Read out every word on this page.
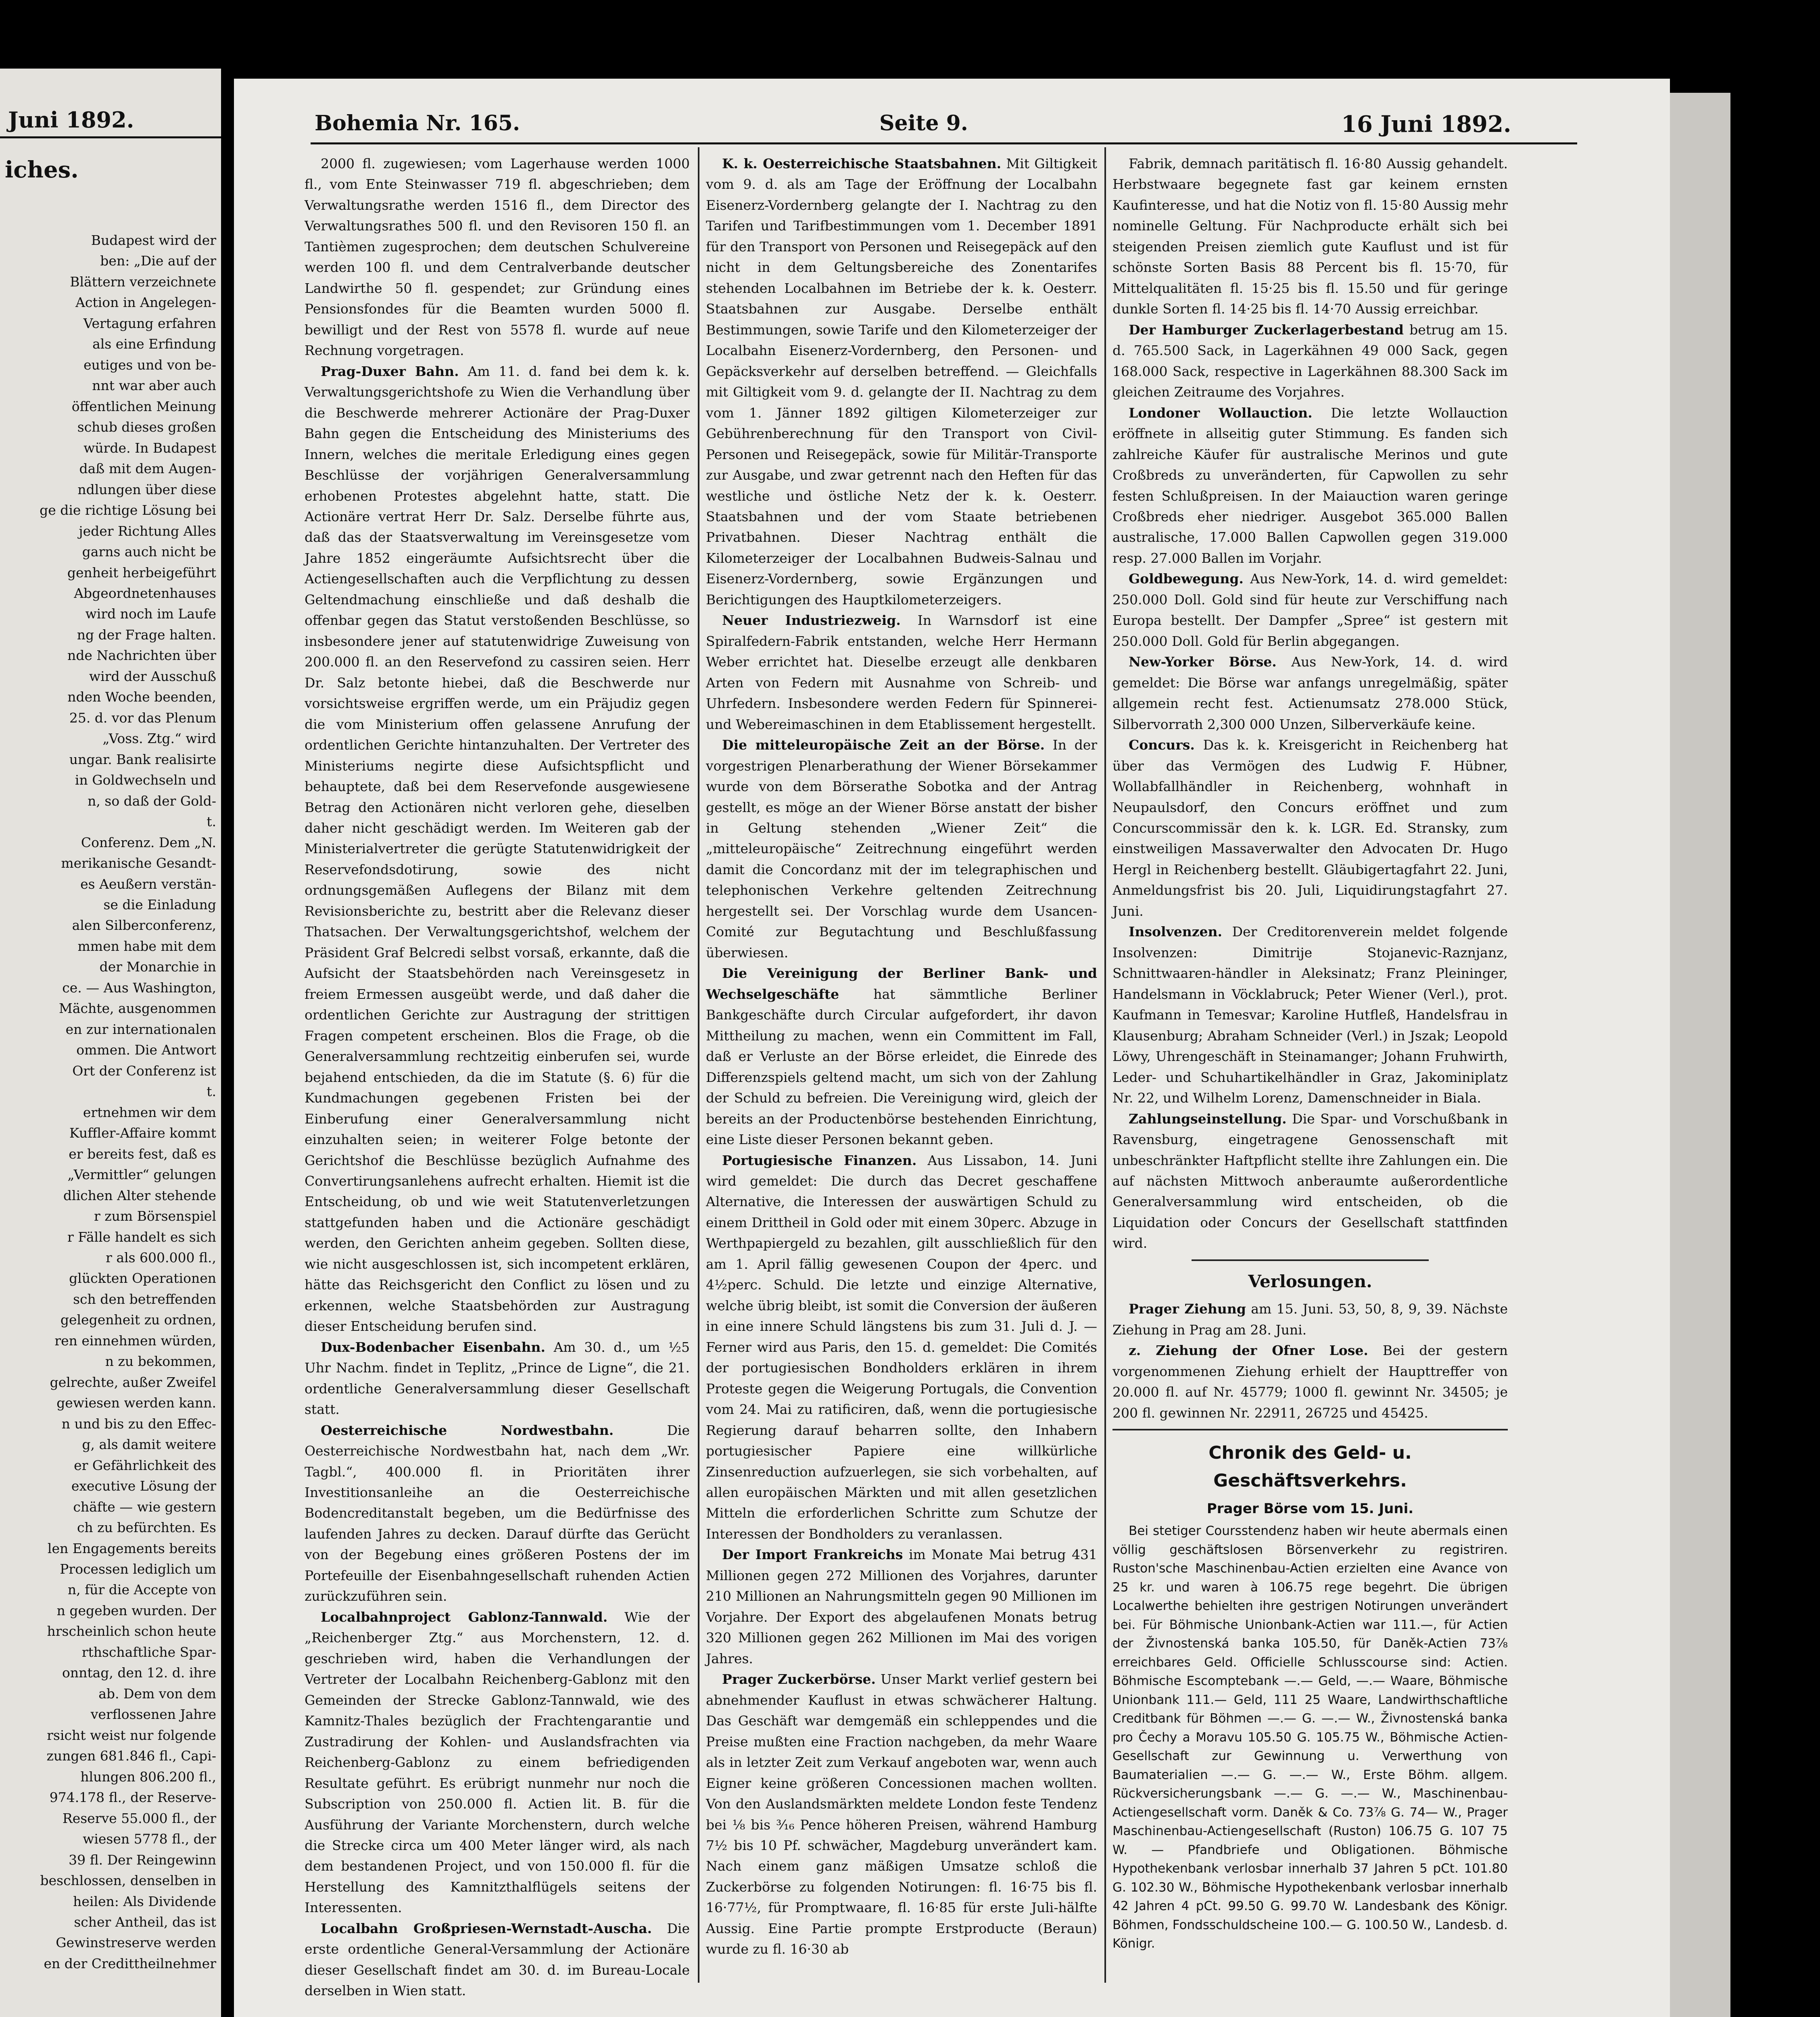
Juni 1892.
iches.
Budapest wird der
ben: „Die auf der
Blättern verzeichnete
Action in Angelegen-
Vertagung erfahren
als eine Erfindung
eutiges und von be-
nnt war aber auch
öffentlichen Meinung
schub dieses großen
würde. In Budapest
daß mit dem Augen-
ndlungen über diese
ge die richtige Lösung bei
jeder Richtung Alles
garns auch nicht be
genheit herbeigeführt
Abgeordnetenhauses
wird noch im Laufe
ng der Frage halten.
nde Nachrichten über
wird der Ausschuß
nden Woche beenden,
25. d. vor das Plenum
„Voss. Ztg.“ wird
ungar. Bank realisirte
in Goldwechseln und
n, so daß der Gold-
t.
Conferenz. Dem „N.
merikanische Gesandt-
es Aeußern verstän-
se die Einladung
alen Silberconferenz,
mmen habe mit dem
der Monarchie in
ce. — Aus Washington,
Mächte, ausgenommen
en zur internationalen
ommen. Die Antwort
Ort der Conferenz ist
t.
ertnehmen wir dem
Kuffler-Affaire kommt
er bereits fest, daß es
„Vermittler“ gelungen
dlichen Alter stehende
r zum Börsenspiel
r Fälle handelt es sich
r als 600.000 fl.,
glückten Operationen
sch den betreffenden
gelegenheit zu ordnen,
ren einnehmen würden,
n zu bekommen,
gelrechte, außer Zweifel
gewiesen werden kann.
n und bis zu den Effec-
g, als damit weitere
er Gefährlichkeit des
executive Lösung der
chäfte — wie gestern
ch zu befürchten. Es
len Engagements bereits
Processen lediglich um
n, für die Accepte von
n gegeben wurden. Der
hrscheinlich schon heute
rthschaftliche Spar-
onntag, den 12. d. ihre
ab. Dem von dem
verflossenen Jahre
rsicht weist nur folgende
zungen 681.846 fl., Capi-
hlungen 806.200 fl.,
974.178 fl., der Reserve-
Reserve 55.000 fl., der
wiesen 5778 fl., der
39 fl. Der Reingewinn
beschlossen, denselben in
heilen: Als Dividende
scher Antheil, das ist
Gewinstreserve werden
en der Credittheilnehmer
Bohemia Nr. 165.	Seite 9.	16 Juni 1892.

2000 fl. zugewiesen; vom Lagerhause werden 1000 fl., vom Ente Steinwasser 719 fl. abgeschrieben; dem Verwaltungsrathe werden 1516 fl., dem Director des Verwaltungsrathes 500 fl. und den Revisoren 150 fl. an Tantièmen zugesprochen; dem deutschen Schulvereine werden 100 fl. und dem Centralverbande deutscher Landwirthe 50 fl. gespendet; zur Gründung eines Pensionsfondes für die Beamten wurden 5000 fl. bewilligt und der Rest von 5578 fl. wurde auf neue Rechnung vorgetragen.

Prag-Duxer Bahn. Am 11. d. fand bei dem k. k. Verwaltungsgerichtshofe zu Wien die Verhandlung über die Beschwerde mehrerer Actionäre der Prag-Duxer Bahn gegen die Entscheidung des Ministeriums des Innern, welches die meritale Erledigung eines gegen Beschlüsse der vorjährigen Generalversammlung erhobenen Protestes abgelehnt hatte, statt. Die Actionäre vertrat Herr Dr. Salz. Derselbe führte aus, daß das der Staatsverwaltung im Vereinsgesetze vom Jahre 1852 eingeräumte Aufsichtsrecht über die Actiengesellschaften auch die Verpflichtung zu dessen Geltendmachung einschließe und daß deshalb die offenbar gegen das Statut verstoßenden Beschlüsse, so insbesondere jener auf statutenwidrige Zuweisung von 200.000 fl. an den Reservefond zu cassiren seien. Herr Dr. Salz betonte hiebei, daß die Beschwerde nur vorsichtsweise ergriffen werde, um ein Präjudiz gegen die vom Ministerium offen gelassene Anrufung der ordentlichen Gerichte hintanzuhalten. Der Vertreter des Ministeriums negirte diese Aufsichtspflicht und behauptete, daß bei dem Reservefonde ausgewiesene Betrag den Actionären nicht verloren gehe, dieselben daher nicht geschädigt werden. Im Weiteren gab der Ministerialvertreter die gerügte Statutenwidrigkeit der Reservefondsdotirung, sowie des nicht ordnungsgemäßen Auflegens der Bilanz mit dem Revisionsberichte zu, bestritt aber die Relevanz dieser Thatsachen. Der Verwaltungsgerichtshof, welchem der Präsident Graf Belcredi selbst vorsaß, erkannte, daß die Aufsicht der Staatsbehörden nach Vereinsgesetz in freiem Ermessen ausgeübt werde, und daß daher die ordentlichen Gerichte zur Austragung der strittigen Fragen competent erscheinen. Blos die Frage, ob die Generalversammlung rechtzeitig einberufen sei, wurde bejahend entschieden, da die im Statute (§. 6) für die Kundmachungen gegebenen Fristen bei der Einberufung einer Generalversammlung nicht einzuhalten seien; in weiterer Folge betonte der Gerichtshof die Beschlüsse bezüglich Aufnahme des Convertirungsanlehens aufrecht erhalten. Hiemit ist die Entscheidung, ob und wie weit Statutenverletzungen stattgefunden haben und die Actionäre geschädigt werden, den Gerichten anheim gegeben. Sollten diese, wie nicht ausgeschlossen ist, sich incompetent erklären, hätte das Reichsgericht den Conflict zu lösen und zu erkennen, welche Staatsbehörden zur Austragung dieser Entscheidung berufen sind.

Dux-Bodenbacher Eisenbahn. Am 30. d., um ½5 Uhr Nachm. findet in Teplitz, „Prince de Ligne“, die 21. ordentliche Generalversammlung dieser Gesellschaft statt.

Oesterreichische Nordwestbahn.	Die Oesterreichische Nordwestbahn hat, nach dem „Wr. Tagbl.“, 400.000 fl. in Prioritäten ihrer Investitionsanleihe an die Oesterreichische Bodencreditanstalt begeben, um die Bedürfnisse des laufenden Jahres zu decken. Darauf dürfte das Gerücht von der Begebung eines größeren Postens der im Portefeuille der Eisenbahngesellschaft ruhenden Actien zurückzuführen sein.

Localbahnproject Gablonz-Tannwald. Wie der „Reichenberger Ztg.“ aus Morchenstern, 12. d. geschrieben wird, haben die Verhandlungen der Vertreter der Localbahn Reichenberg-Gablonz mit den Gemeinden der Strecke Gablonz-Tannwald, wie des Kamnitz-Thales bezüglich der Frachtengarantie und Zustradirung der Kohlen- und Auslandsfrachten via Reichenberg-Gablonz zu einem befriedigenden Resultate geführt. Es erübrigt nunmehr nur noch die Subscription von 250.000 fl. Actien lit. B. für die Ausführung der Variante Morchenstern, durch welche die Strecke circa um 400 Meter länger wird, als nach dem bestandenen Project, und von 150.000 fl. für die Herstellung des Kamnitzthalflügels seitens der Interessenten.

Localbahn Großpriesen-Wernstadt-Auscha. Die erste ordentliche General-Versammlung der Actionäre dieser Gesellschaft findet am 30. d. im Bureau-Locale derselben in Wien statt.

K. k. Oesterreichische Staatsbahnen. Mit Giltigkeit vom 9. d. als am Tage der Eröffnung der Localbahn Eisenerz-Vordernberg gelangte der I. Nachtrag zu den Tarifen und Tarifbestimmungen vom 1. December 1891 für den Transport von Personen und Reisegepäck auf den nicht in dem Geltungsbereiche des Zonentarifes stehenden Localbahnen im Betriebe der k. k. Oesterr. Staatsbahnen zur Ausgabe. Derselbe enthält Bestimmungen, sowie Tarife und den Kilometerzeiger der Localbahn Eisenerz-Vordernberg, den Personen- und Gepäcksverkehr auf derselben betreffend. — Gleichfalls mit Giltigkeit vom 9. d. gelangte der II. Nachtrag zu dem vom 1. Jänner 1892 giltigen Kilometerzeiger zur Gebührenberechnung für den Transport von Civil-Personen und Reisegepäck, sowie für Militär-Transporte zur Ausgabe, und zwar getrennt nach den Heften für das westliche und östliche Netz der k. k. Oesterr. Staatsbahnen und der vom Staate betriebenen Privatbahnen. Dieser Nachtrag enthält die Kilometerzeiger der Localbahnen Budweis-Salnau und Eisenerz-Vordernberg, sowie Ergänzungen und Berichtigungen des Hauptkilometerzeigers.

Neuer Industriezweig. In Warnsdorf ist eine Spiralfedern-Fabrik entstanden, welche Herr Hermann Weber errichtet hat. Dieselbe erzeugt alle denkbaren Arten von Federn mit Ausnahme von Schreib- und Uhrfedern. Insbesondere werden Federn für Spinnerei- und Webereimaschinen in dem Etablissement hergestellt.

Die mitteleuropäische Zeit an der Börse. In der vorgestrigen Plenarberathung der Wiener Börsekammer wurde von dem Börserathe Sobotka and der Antrag gestellt, es möge an der Wiener Börse anstatt der bisher in Geltung stehenden „Wiener Zeit“ die „mitteleuropäische“ Zeitrechnung eingeführt werden damit die Concordanz mit der im telegraphischen und telephonischen Verkehre geltenden Zeitrechnung hergestellt sei. Der Vorschlag wurde dem Usancen-Comité zur Begutachtung und Beschlußfassung überwiesen.

Die Vereinigung der Berliner Bank- und Wechselgeschäfte	hat sämmtliche Berliner Bankgeschäfte durch Circular aufgefordert, ihr davon Mittheilung zu machen, wenn ein Committent im Fall, daß er Verluste an der Börse erleidet, die Einrede des Differenzspiels geltend macht, um sich von der Zahlung der Schuld zu befreien. Die Vereinigung wird, gleich der bereits an der Productenbörse bestehenden Einrichtung, eine Liste dieser Personen bekannt geben.

Portugiesische Finanzen. Aus Lissabon, 14. Juni wird gemeldet: Die durch das Decret geschaffene Alternative, die Interessen der auswärtigen Schuld zu einem Drittheil in Gold oder mit einem 30perc. Abzuge in Werthpapiergeld zu bezahlen, gilt ausschließlich für den am 1. April fällig gewesenen Coupon der 4perc. und 4½perc. Schuld. Die letzte und einzige Alternative, welche übrig bleibt, ist somit die Conversion der äußeren in eine innere Schuld längstens bis zum 31. Juli d. J. — Ferner wird aus Paris, den 15. d. gemeldet: Die Comités der portugiesischen Bondholders erklären in ihrem Proteste gegen die Weigerung Portugals, die Convention vom 24. Mai zu ratificiren, daß, wenn die portugiesische Regierung darauf beharren sollte, den Inhabern portugiesischer Papiere eine willkürliche Zinsenreduction aufzuerlegen, sie sich vorbehalten, auf allen europäischen Märkten und mit allen gesetzlichen Mitteln die erforderlichen Schritte zum Schutze der Interessen der Bondholders zu veranlassen.

Der Import Frankreichs im Monate Mai betrug 431 Millionen gegen 272 Millionen des Vorjahres, darunter 210 Millionen an Nahrungsmitteln gegen 90 Millionen im Vorjahre. Der Export des abgelaufenen Monats betrug 320 Millionen gegen 262 Millionen im Mai des vorigen Jahres.

Prager Zuckerbörse. Unser Markt verlief gestern bei abnehmender Kauflust in etwas schwächerer Haltung. Das Geschäft war demgemäß ein schleppendes und die Preise mußten eine Fraction nachgeben, da mehr Waare als in letzter Zeit zum Verkauf angeboten war, wenn auch Eigner keine größeren Concessionen machen wollten. Von den Auslandsmärkten meldete London feste Tendenz bei ⅛ bis ³⁄₁₆ Pence höheren Preisen, während Hamburg 7½ bis 10 Pf. schwächer, Magdeburg unverändert kam. Nach einem ganz mäßigen Umsatze schloß die Zuckerbörse zu folgenden Notirungen: fl. 16·75 bis fl. 16·77½, für Promptwaare, fl. 16·85 für erste Juli-hälfte Aussig. Eine Partie prompte Erstproducte (Beraun) wurde zu fl. 16·30 ab

Fabrik, demnach paritätisch fl. 16·80 Aussig gehandelt. Herbstwaare begegnete fast gar keinem ernsten Kaufinteresse, und hat die Notiz von fl. 15·80 Aussig mehr nominelle Geltung. Für Nachproducte erhält sich bei steigenden Preisen ziemlich gute Kauflust und ist für schönste Sorten Basis 88 Percent bis fl. 15·70, für Mittelqualitäten fl. 15·25 bis fl. 15.50 und für geringe dunkle Sorten fl. 14·25 bis fl. 14·70 Aussig erreichbar.

Der Hamburger Zuckerlagerbestand betrug am 15. d. 765.500 Sack, in Lagerkähnen 49 000 Sack, gegen 168.000 Sack, respective in Lagerkähnen 88.300 Sack im gleichen Zeitraume des Vorjahres.

Londoner Wollauction. Die letzte Wollauction eröffnete in allseitig guter Stimmung. Es fanden sich zahlreiche Käufer für australische Merinos und gute Croßbreds zu unveränderten, für Capwollen zu sehr festen Schlußpreisen. In der Maiauction waren geringe Croßbreds eher niedriger. Ausgebot 365.000 Ballen australische, 17.000 Ballen Capwollen gegen 319.000 resp. 27.000 Ballen im Vorjahr.

Goldbewegung. Aus New-York, 14. d. wird gemeldet: 250.000 Doll. Gold sind für heute zur Verschiffung nach Europa bestellt. Der Dampfer „Spree“ ist gestern mit 250.000 Doll. Gold für Berlin abgegangen.

New-Yorker Börse. Aus New-York, 14. d. wird gemeldet: Die Börse war anfangs unregelmäßig, später allgemein recht fest. Actienumsatz 278.000 Stück, Silbervorrath 2,300 000 Unzen, Silberverkäufe keine.

Concurs. Das k. k. Kreisgericht in Reichenberg hat über das Vermögen des Ludwig F. Hübner, Wollabfallhändler in Reichenberg, wohnhaft in Neupaulsdorf, den Concurs eröffnet und zum Concurscommissär den k. k. LGR. Ed. Stransky, zum einstweiligen Massaverwalter den Advocaten Dr. Hugo Hergl in Reichenberg bestellt. Gläubigertagfahrt 22. Juni, Anmeldungsfrist bis 20. Juli, Liquidirungstagfahrt 27. Juni.

Insolvenzen. Der Creditorenverein meldet folgende Insolvenzen: Dimitrije Stojanevic-Raznjanz, Schnittwaaren-händler in Aleksinatz; Franz Pleininger, Handelsmann in Vöcklabruck; Peter Wiener (Verl.), prot. Kaufmann in Temesvar; Karoline Hutfleß, Handelsfrau in Klausenburg; Abraham Schneider (Verl.) in Jszak; Leopold Löwy, Uhrengeschäft in Steinamanger; Johann Fruhwirth, Leder- und Schuhartikelhändler in Graz, Jakominiplatz Nr. 22, und Wilhelm Lorenz, Damenschneider in Biala.

Zahlungseinstellung. Die Spar- und Vorschußbank in Ravensburg, eingetragene Genossenschaft mit unbeschränkter Haftpflicht stellte ihre Zahlungen ein. Die auf nächsten Mittwoch anberaumte außerordentliche Generalversammlung wird entscheiden, ob die Liquidation oder Concurs der Gesellschaft stattfinden wird.

Verlosungen.

Prager Ziehung am 15. Juni. 53, 50, 8, 9, 39. Nächste Ziehung in Prag am 28. Juni.

z. Ziehung der Ofner Lose. Bei der gestern vorgenommenen Ziehung erhielt der Haupttreffer von 20.000 fl. auf Nr. 45779; 1000 fl. gewinnt Nr. 34505; je 200 fl. gewinnen Nr. 22911, 26725 und 45425.

Chronik des Geld- u. Geschäftsverkehrs.
Prager Börse vom 15. Juni.

Bei stetiger Coursstendenz haben wir heute abermals einen völlig geschäftslosen Börsenverkehr zu registriren. Ruston'sche Maschinenbau-Actien erzielten eine Avance von 25 kr. und waren à 106.75 rege begehrt. Die übrigen Localwerthe behielten ihre gestrigen Notirungen unverändert bei. Für Böhmische Unionbank-Actien war 111.—, für Actien der Živnostenská banka 105.50, für Daněk-Actien 73⅞ erreichbares Geld. Officielle Schlusscourse sind: Actien. Böhmische Escomptebank —.— Geld, —.— Waare, Böhmische Unionbank 111.— Geld, 111 25 Waare, Landwirthschaftliche Creditbank für Böhmen —.— G. —.— W., Živnostenská banka pro Čechy a Moravu 105.50 G. 105.75 W., Böhmische Actien-Gesellschaft zur Gewinnung u. Verwerthung von Baumaterialien —.— G. —.— W., Erste Böhm. allgem. Rückversicherungsbank —.— G. —.— W., Maschinenbau-Actiengesellschaft vorm. Daněk & Co. 73⅞ G. 74— W., Prager Maschinenbau-Actiengesellschaft (Ruston) 106.75 G. 107 75 W. — Pfandbriefe und Obligationen. Böhmische Hypothekenbank verlosbar innerhalb 37 Jahren 5 pCt. 101.80 G. 102.30 W., Böhmische Hypothekenbank verlosbar innerhalb 42 Jahren 4 pCt. 99.50 G. 99.70 W. Landesbank des Königr. Böhmen, Fondsschuldscheine 100.— G. 100.50 W., Landesb. d. Königr.
